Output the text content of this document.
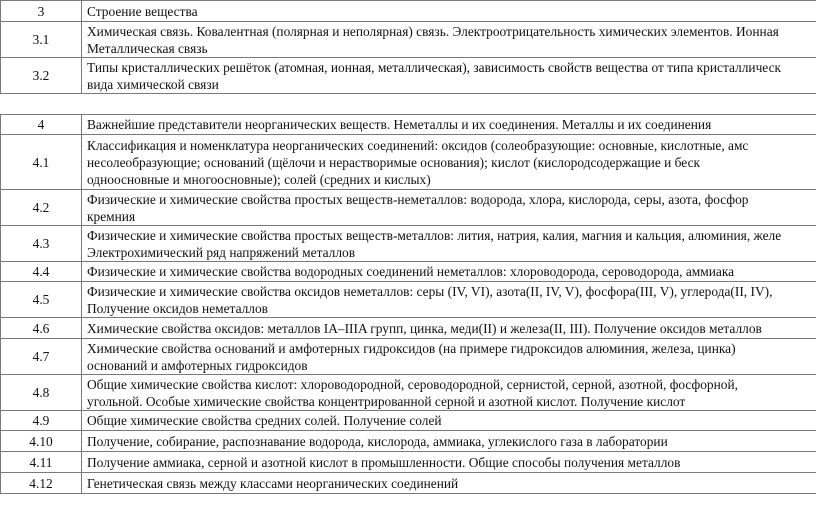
3	Строение вещества

3.1	Химическая связь. Ковалентная (полярная и неполярная) связь. Электроотрицательность химических элементов. Ионная
Металлическая связь

3.2	Типы кристаллических решёток (атомная, ионная, металлическая), зависимость свойств вещества от типа кристаллическ
вида химической связи

4	Важнейшие представители неорганических веществ. Неметаллы и их соединения. Металлы и их соединения

4.1	Классификация и номенклатура неорганических соединений: оксидов (солеобразующие: основные, кислотные, амс
несолеобразующие; оснований (щёлочи и нерастворимые основания); кислот (кислородсодержащие и беск
одноосновные и многоосновные); солей (средних и кислых)

4.2	Физические и химические свойства простых веществ-неметаллов: водорода, хлора, кислорода, серы, азота, фосфор
кремния

4.3	Физические и химические свойства простых веществ-металлов: лития, натрия, калия, магния и кальция, алюминия, желе
Электрохимический ряд напряжений металлов

4.4	Физические и химические свойства водородных соединений неметаллов: хлороводорода, сероводорода, аммиака

4.5	Физические и химические свойства оксидов неметаллов: серы (IV, VI), азота(II, IV, V), фосфора(III, V), углерода(II, IV),
Получение оксидов неметаллов

4.6	Химические свойства оксидов: металлов IA–IIIA групп, цинка, меди(II) и железа(II, III). Получение оксидов металлов

4.7	Химические свойства оснований и амфотерных гидроксидов (на примере гидроксидов алюминия, железа, цинка)
оснований и амфотерных гидроксидов

4.8	Общие химические свойства кислот: хлороводородной, сероводородной, сернистой, серной, азотной, фосфорной,
угольной. Особые химические свойства концентрированной серной и азотной кислот. Получение кислот

4.9	Общие химические свойства средних солей. Получение солей

4.10	Получение, собирание, распознавание водорода, кислорода, аммиака, углекислого газа в лаборатории

4.11	Получение аммиака, серной и азотной кислот в промышленности. Общие способы получения металлов

4.12	Генетическая связь между классами неорганических соединений
